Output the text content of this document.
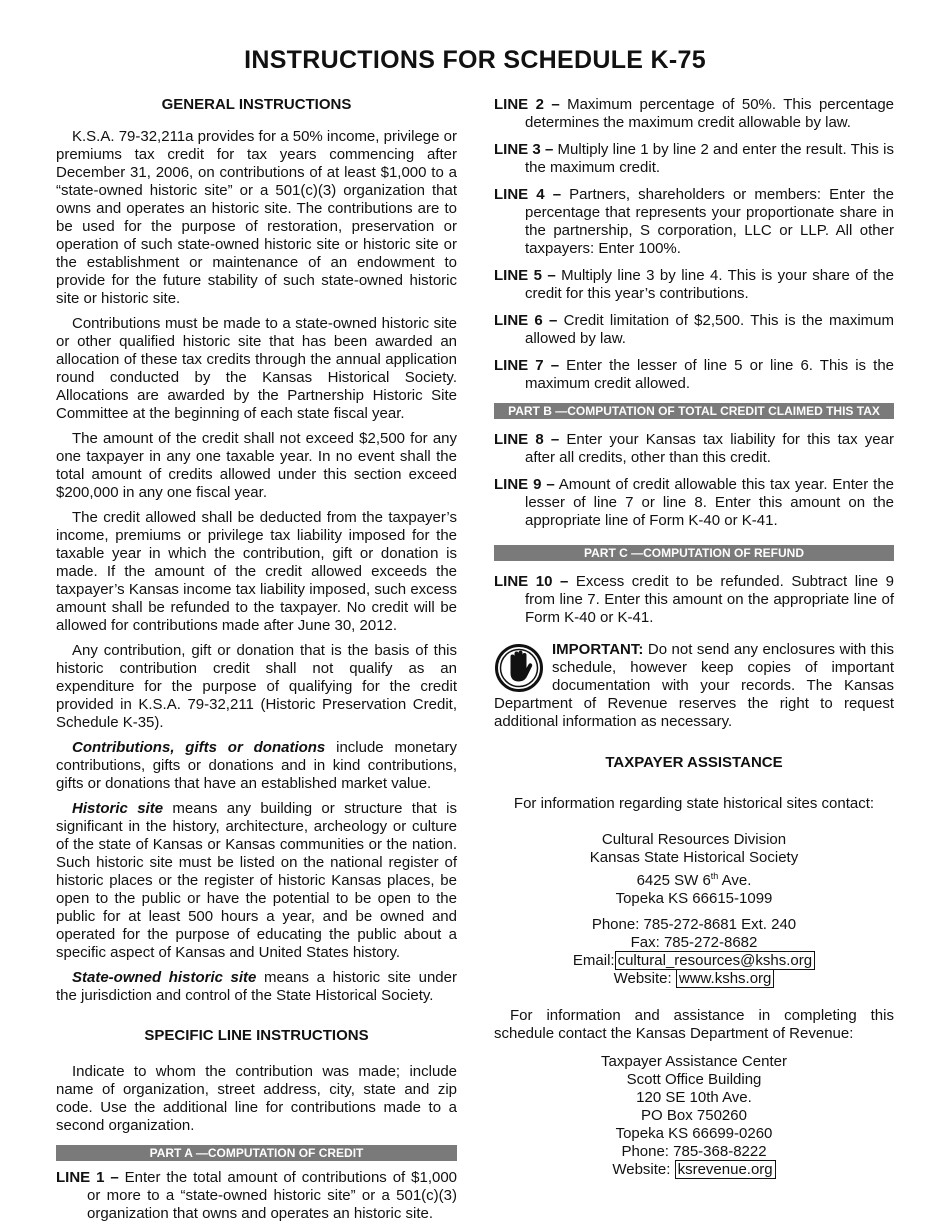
INSTRUCTIONS FOR SCHEDULE K-75

GENERAL INSTRUCTIONS

K.S.A. 79-32,211a provides for a 50% income, privilege or premiums tax credit for tax years commencing after December 31, 2006, on contributions of at least $1,000 to a “state-owned historic site” or a 501(c)(3) organization that owns and operates an historic site. The contributions are to be used for the purpose of restoration, preservation or operation of such state-owned historic site or historic site or the establishment or maintenance of an endowment to provide for the future stability of such state-owned historic site or historic site.

Contributions must be made to a state-owned historic site or other qualified historic site that has been awarded an allocation of these tax credits through the annual application round conducted by the Kansas Historical Society. Allocations are awarded by the Partnership Historic Site Committee at the beginning of each state fiscal year.

The amount of the credit shall not exceed $2,500 for any one taxpayer in any one taxable year. In no event shall the total amount of credits allowed under this section exceed $200,000 in any one fiscal year.

The credit allowed shall be deducted from the taxpayer’s income, premiums or privilege tax liability imposed for the taxable year in which the contribution, gift or donation is made. If the amount of the credit allowed exceeds the taxpayer’s Kansas income tax liability imposed, such excess amount shall be refunded to the taxpayer. No credit will be allowed for contributions made after June 30, 2012.

Any contribution, gift or donation that is the basis of this historic contribution credit shall not qualify as an expenditure for the purpose of qualifying for the credit provided in K.S.A. 79-32,211 (Historic Preservation Credit, Schedule K-35).

Contributions, gifts or donations include monetary contributions, gifts or donations and in kind contributions, gifts or donations that have an established market value.

Historic site means any building or structure that is significant in the history, architecture, archeology or culture of the state of Kansas or Kansas communities or the nation. Such historic site must be listed on the national register of historic places or the register of historic Kansas places, be open to the public or have the potential to be open to the public for at least 500 hours a year, and be owned and operated for the purpose of educating the public about a specific aspect of Kansas and United States history.

State-owned historic site means a historic site under the jurisdiction and control of the State Historical Society.

SPECIFIC LINE INSTRUCTIONS

Indicate to whom the contribution was made; include name of organization, street address, city, state and zip code. Use the additional line for contributions made to a second organization.

PART A —COMPUTATION OF CREDIT

LINE 1 – Enter the total amount of contributions of $1,000 or more to a “state-owned historic site” or a 501(c)(3) organization that owns and operates an historic site.

LINE 2 – Maximum percentage of 50%. This percentage determines the maximum credit allowable by law.

LINE 3 – Multiply line 1 by line 2 and enter the result. This is the maximum credit.

LINE 4 – Partners, shareholders or members: Enter the percentage that represents your proportionate share in the partnership, S corporation, LLC or LLP. All other taxpayers: Enter 100%.

LINE 5 – Multiply line 3 by line 4. This is your share of the credit for this year’s contributions.

LINE 6 – Credit limitation of $2,500. This is the maximum allowed by law.

LINE 7 – Enter the lesser of line 5 or line 6. This is the maximum credit allowed.

PART B —COMPUTATION OF TOTAL CREDIT CLAIMED THIS TAX YEAR

LINE 8 – Enter your Kansas tax liability for this tax year after all credits, other than this credit.

LINE 9 – Amount of credit allowable this tax year. Enter the lesser of line 7 or line 8. Enter this amount on the appropriate line of Form K-40 or K-41.

PART C —COMPUTATION OF REFUND

LINE 10 – Excess credit to be refunded. Subtract line 9 from line 7. Enter this amount on the appropriate line of Form K-40 or K-41.

IMPORTANT: Do not send any enclosures with this schedule, however keep copies of important documentation with your records. The Kansas Department of Revenue reserves the right to request additional information as necessary.

TAXPAYER ASSISTANCE

For information regarding state historical sites contact:

Cultural Resources Division

Kansas State Historical Society

6425 SW 6th Ave.

Topeka KS 66615-1099

Phone: 785-272-8681 Ext. 240

Fax: 785-272-8682

Email: cultural_resources@kshs.org

Website: www.kshs.org

For information and assistance in completing this schedule contact the Kansas Department of Revenue:

Taxpayer Assistance Center

Scott Office Building

120 SE 10th Ave.

PO Box 750260

Topeka KS 66699-0260

Phone: 785-368-8222

Website: ksrevenue.org
